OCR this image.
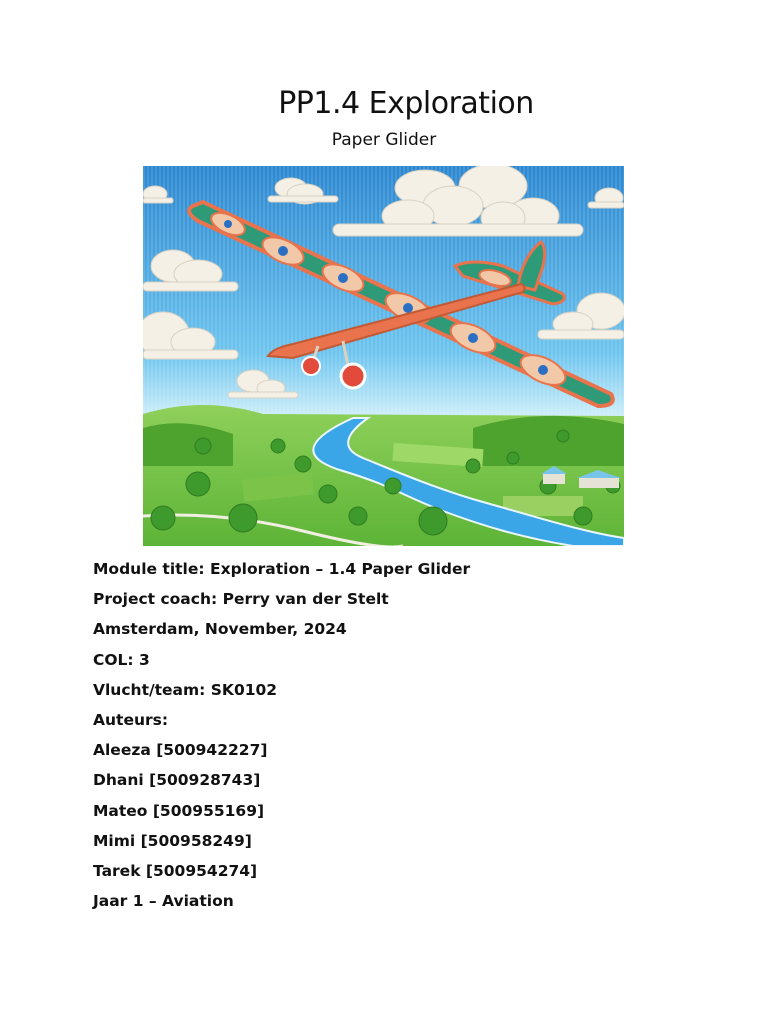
PP1.4 Exploration
Paper Glider
Module title: Exploration – 1.4 Paper Glider
Project coach: Perry van der Stelt
Amsterdam, November, 2024
COL: 3
Vlucht/team: SK0102
Auteurs:
Aleeza [500942227]
Dhani [500928743]
Mateo [500955169]
Mimi [500958249]
Tarek [500954274]
Jaar 1 – Aviation
